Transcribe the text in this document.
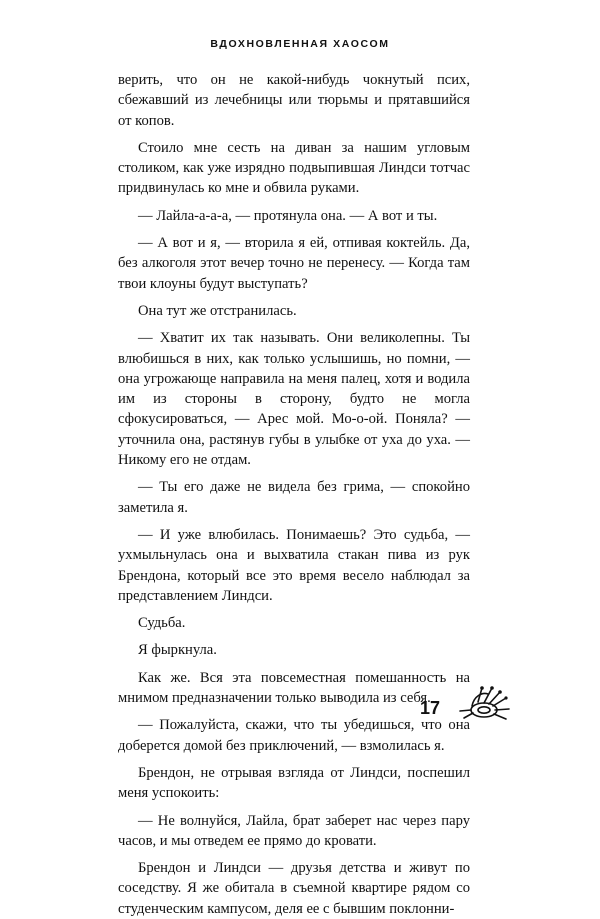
ВДОХНОВЛЕННАЯ ХАОСОМ

верить, что он не какой-нибудь чокнутый псих, сбежавший из лечебницы или тюрьмы и прятавшийся от копов.

Стоило мне сесть на диван за нашим угловым столиком, как уже изрядно подвыпившая Линдси тотчас придвинулась ко мне и обвила руками.

— Лайла-а-а-а, — протянула она. — А вот и ты.

— А вот и я, — вторила я ей, отпивая коктейль. Да, без алкоголя этот вечер точно не перенесу. — Когда там твои клоуны будут выступать?

Она тут же отстранилась.

— Хватит их так называть. Они великолепны. Ты влюбишься в них, как только услышишь, но помни, — она угрожающе направила на меня палец, хотя и водила им из стороны в сторону, будто не могла сфокусироваться, — Арес мой. Мо-о-ой. Поняла? — уточнила она, растянув губы в улыбке от уха до уха. — Никому его не отдам.

— Ты его даже не видела без грима, — спокойно заметила я.

— И уже влюбилась. Понимаешь? Это судьба, — ухмыльнулась она и выхватила стакан пива из рук Брендона, который все это время весело наблюдал за представлением Линдси.

Судьба.

Я фыркнула.

Как же. Вся эта повсеместная помешанность на мнимом предназначении только выводила из себя.

— Пожалуйста, скажи, что ты убедишься, что она доберется домой без приключений, — взмолилась я.

Брендон, не отрывая взгляда от Линдси, поспешил меня успокоить:

— Не волнуйся, Лайла, брат заберет нас через пару часов, и мы отведем ее прямо до кровати.

Брендон и Линдси — друзья детства и живут по соседству. Я же обитала в съемной квартире рядом со студенческим кампусом, деля ее с бывшим поклонни-

17
